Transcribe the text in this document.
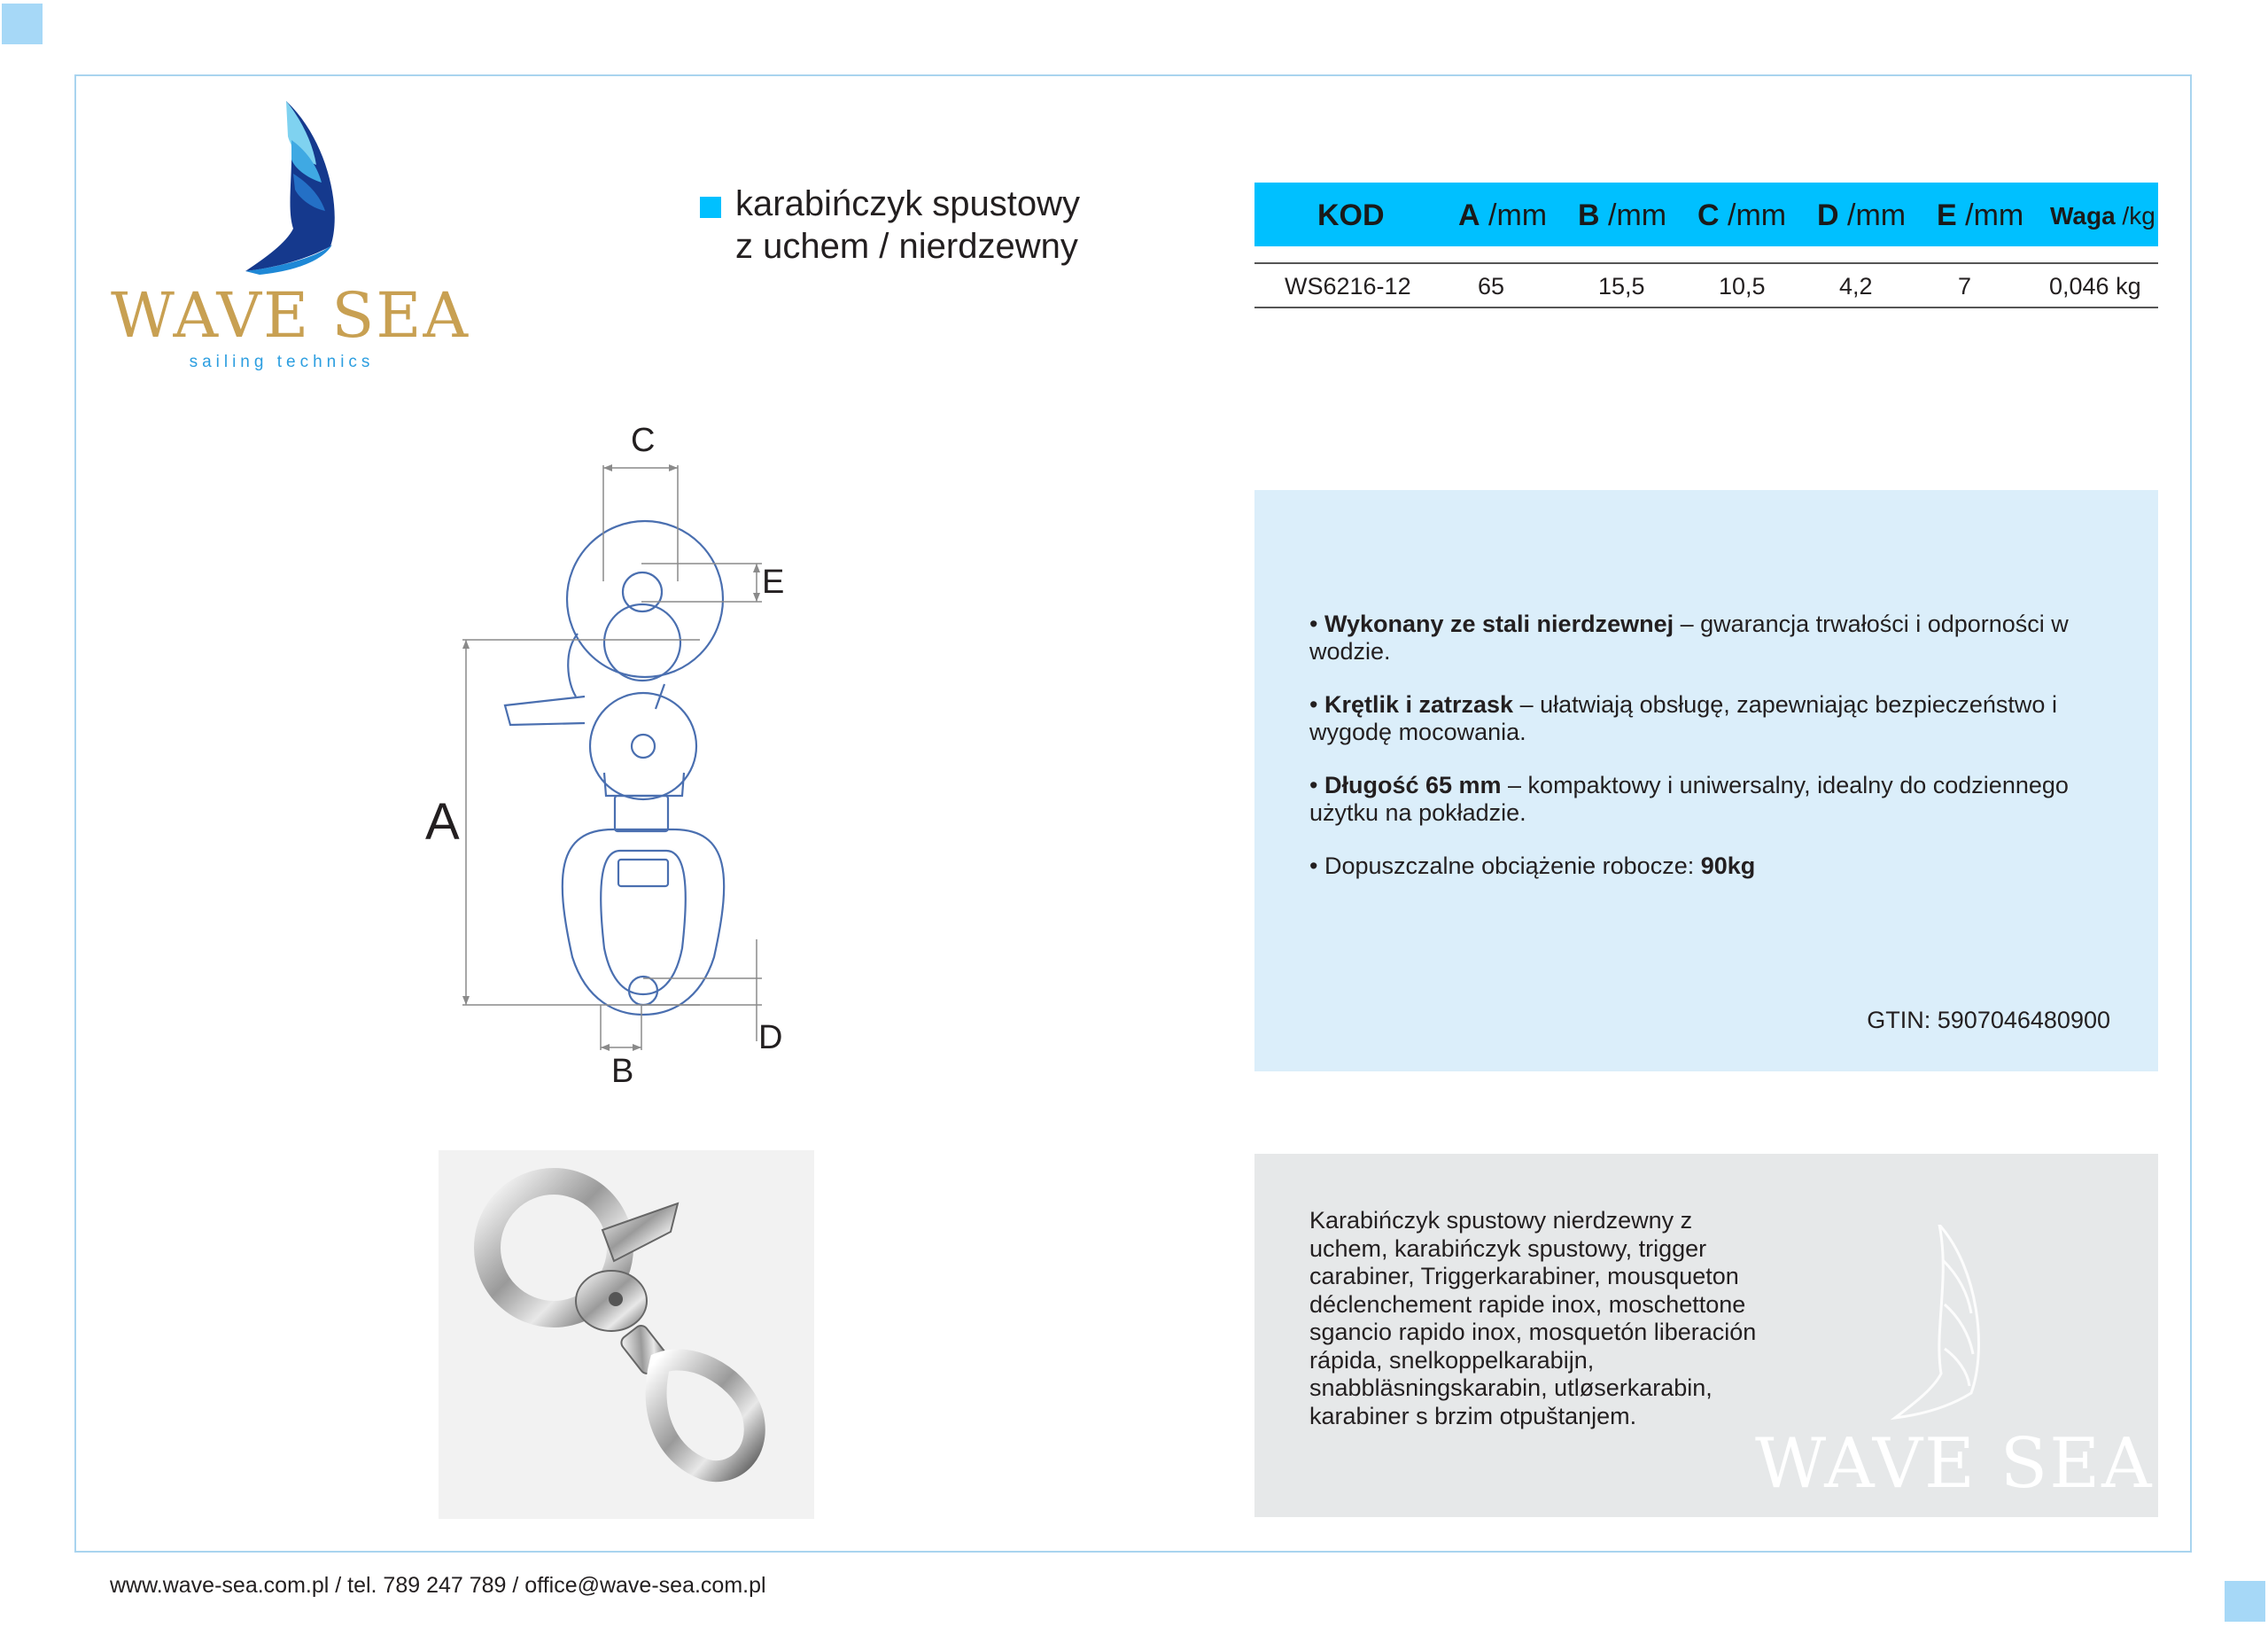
WAVE SEA
sailing technics
karabińczyk spustowy
z uchem / nierdzewny
KOD A /mm B /mm C /mm D /mm E /mm Waga /kg
WS6216-12	65	15,5	10,5	4,2	7	0,046 kg
C
E
A
D
B
• Wykonany ze stali nierdzewnej – gwarancja trwałości i odporności w wodzie.
• Krętlik i zatrzask – ułatwiają obsługę, zapewniając bezpieczeństwo i wygodę mocowania.
• Długość 65 mm – kompaktowy i uniwersalny, idealny do codziennego użytku na pokładzie.
• Dopuszczalne obciążenie robocze: 90kg
GTIN: 5907046480900
Karabińczyk spustowy nierdzewny z uchem, karabińczyk spustowy, trigger carabiner, Triggerkarabiner, mousqueton déclenchement rapide inox, moschettone sgancio rapido inox, mosquetón liberación rápida, snelkoppelkarabijn, snabbläsningskarabin, utløserkarabin, karabiner s brzim otpuštanjem.
WAVE SEA
www.wave-sea.com.pl / tel. 789 247 789 / office@wave-sea.com.pl
